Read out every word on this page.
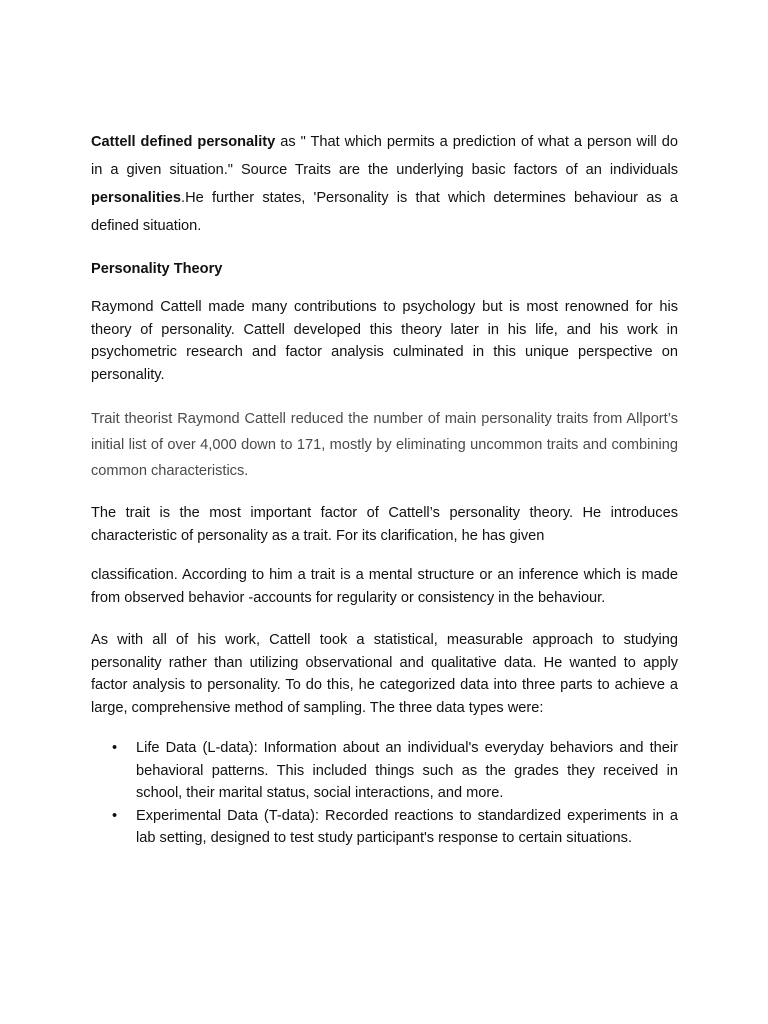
Cattell defined personality as " That which permits a prediction of what a person will do in a given situation." Source Traits are the underlying basic factors of an individuals personalities.He further states, 'Personality is that which determines behaviour as a defined situation.

Personality Theory

Raymond Cattell made many contributions to psychology but is most renowned for his theory of personality. Cattell developed this theory later in his life, and his work in psychometric research and factor analysis culminated in this unique perspective on personality.

Trait theorist Raymond Cattell reduced the number of main personality traits from Allport’s initial list of over 4,000 down to 171, mostly by eliminating uncommon traits and combining common characteristics.

The trait is the most important factor of Cattell’s personality theory. He introduces characteristic of personality as a trait. For its clarification, he has given

classification. According to him a trait is a mental structure or an inference which is made from observed behavior -accounts for regularity or consistency in the behaviour.

As with all of his work, Cattell took a statistical, measurable approach to studying personality rather than utilizing observational and qualitative data. He wanted to apply factor analysis to personality. To do this, he categorized data into three parts to achieve a large, comprehensive method of sampling. The three data types were:

• Life Data (L-data): Information about an individual's everyday behaviors and their behavioral patterns. This included things such as the grades they received in school, their marital status, social interactions, and more.
• Experimental Data (T-data): Recorded reactions to standardized experiments in a lab setting, designed to test study participant's response to certain situations.
